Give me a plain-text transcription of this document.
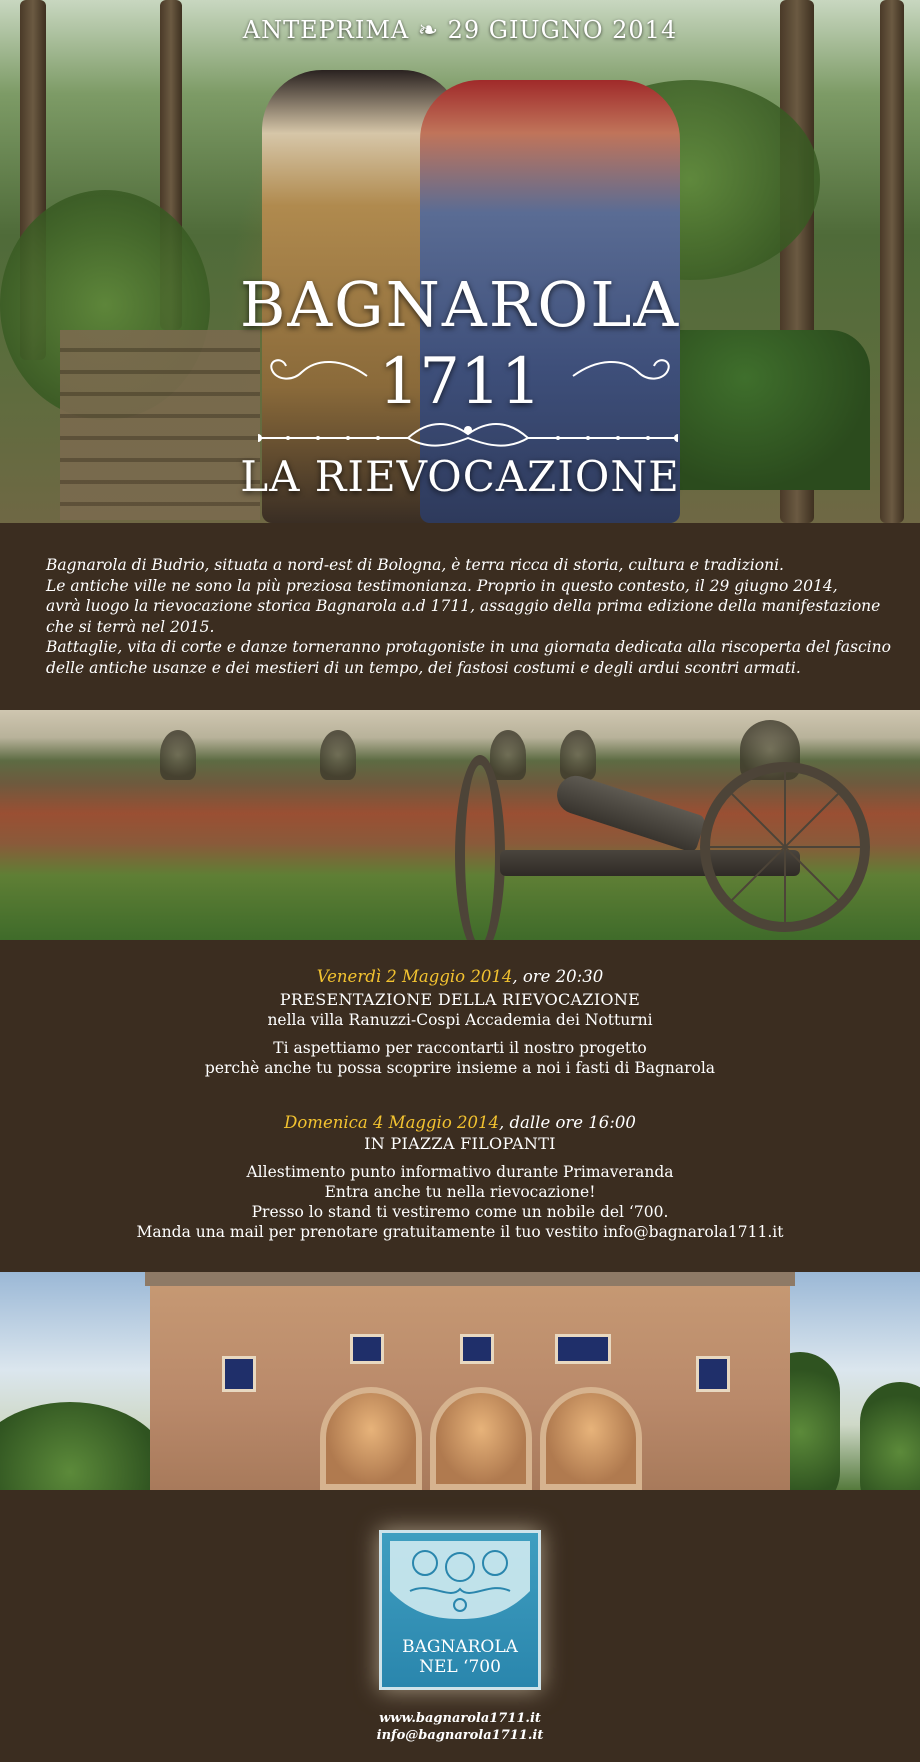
ANTEPRIMA ❧ 29 GIUGNO 2014
BAGNAROLA
1711
LA RIEVOCAZIONE

Bagnarola di Budrio, situata a nord-est di Bologna, è terra ricca di storia, cultura e tradizioni.

Le antiche ville ne sono la più preziosa testimonianza. Proprio in questo contesto, il 29 giugno 2014,

avrà luogo la rievocazione storica Bagnarola a.d 1711, assaggio della prima edizione della manifestazione

che si terrà nel 2015.

Battaglie, vita di corte e danze torneranno protagoniste in una giornata dedicata alla riscoperta del fascino

delle antiche usanze e dei mestieri di un tempo, dei fastosi costumi e degli ardui scontri armati.

Venerdì 2 Maggio 2014, ore 20:30
PRESENTAZIONE DELLA RIEVOCAZIONE
nella villa Ranuzzi-Cospi Accademia dei Notturni
Ti aspettiamo per raccontarti il nostro progetto
perchè anche tu possa scoprire insieme a noi i fasti di Bagnarola
Domenica 4 Maggio 2014, dalle ore 16:00
IN PIAZZA FILOPANTI
Allestimento punto informativo durante Primaveranda
Entra anche tu nella rievocazione!
Presso lo stand ti vestiremo come un nobile del ‘700.
Manda una mail per prenotare gratuitamente il tuo vestito info@bagnarola1711.it
BAGNAROLA
NEL ‘700
www.bagnarola1711.it
info@bagnarola1711.it
